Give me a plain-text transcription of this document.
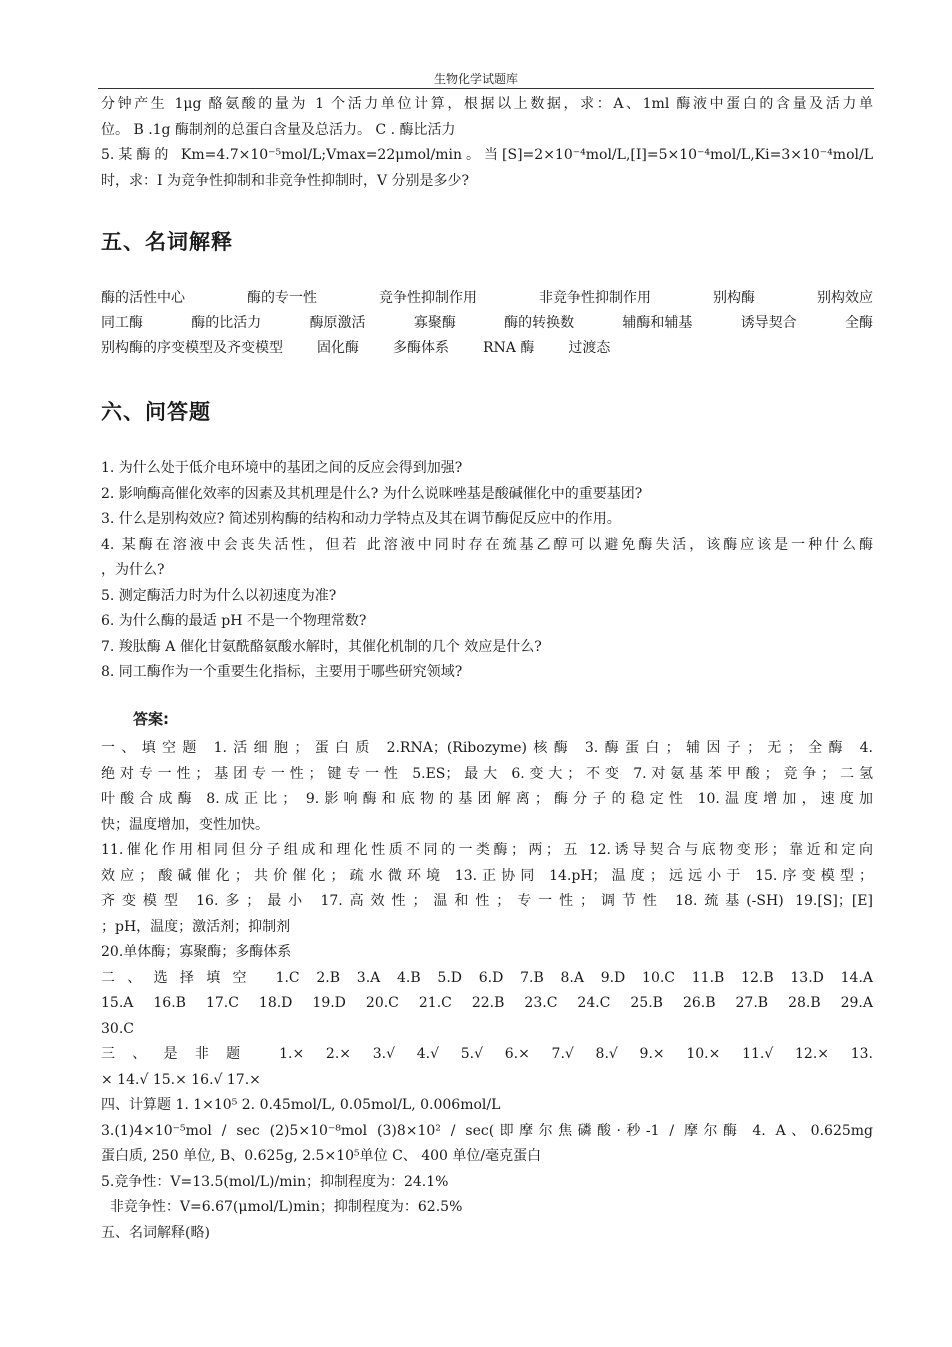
生物化学试题库

分钟产生 1μg 酪氨酸的量为 1 个活力单位计算，根据以上数据，求：A、1ml 酶液中蛋白的含量及活力单

位。 B .1g 酶制剂的总蛋白含量及总活力。 C . 酶比活力

5.某酶的 Km=4.7×10⁻⁵mol/L;Vmax=22μmol/min。当[S]=2×10⁻⁴mol/L,[I]=5×10⁻⁴mol/L,Ki=3×10⁻⁴mol/L

时，求：I 为竞争性抑制和非竞争性抑制时，V 分别是多少?

五、名词解释
酶的活性中心	酶的专一性	竞争性抑制作用	非竞争性抑制作用	别构酶	别构效应
同工酶	酶的比活力	酶原激活	寡聚酶	酶的转换数	辅酶和辅基	诱导契合	全酶
别构酶的序变模型及齐变模型 固化酶 多酶体系 RNA 酶 过渡态
六、问答题

1. 为什么处于低介电环境中的基团之间的反应会得到加强?

2. 影响酶高催化效率的因素及其机理是什么? 为什么说咪唑基是酸碱催化中的重要基团?

3. 什么是别构效应? 简述别构酶的结构和动力学特点及其在调节酶促反应中的作用。

4. 某酶在溶液中会丧失活性，但若 此溶液中同时存在巯基乙醇可以避免酶失活，该酶应该是一种什么酶

，为什么?

5. 测定酶活力时为什么以初速度为准?

6. 为什么酶的最适 pH 不是一个物理常数?

7. 羧肽酶 A 催化甘氨酰酪氨酸水解时，其催化机制的几个 效应是什么?

8. 同工酶作为一个重要生化指标，主要用于哪些研究领域?

答案:

一、填空题 1.活细胞；蛋白质 2.RNA；(Ribozyme)核酶 3.酶蛋白；辅因子；无；全酶 4.

绝对专一性；基团专一性；键专一性 5.ES；最大 6.变大；不变 7.对氨基苯甲酸；竞争；二氢

叶酸合成酶 8.成正比； 9.影响酶和底物的基团解离；酶分子的稳定性 10.温度增加，速度加

快；温度增加，变性加快。

11.催化作用相同但分子组成和理化性质不同的一类酶；两；五 12.诱导契合与底物变形；靠近和定向

效应；酸碱催化；共价催化；疏水微环境 13.正协同 14.pH；温度；远远小于 15.序变模型；

齐变模型 16.多；最小 17.高效性；温和性；专一性；调节性 18.巯基(-SH) 19.[S]；[E]

；pH，温度；激活剂；抑制剂

20.单体酶；寡聚酶；多酶体系

二、选择填空 1.C 2.B 3.A 4.B 5.D 6.D 7.B 8.A 9.D 10.C 11.B 12.B 13.D 14.A

15.A 16.B 17.C 18.D 19.D 20.C 21.C 22.B 23.C 24.C 25.B 26.B 27.B 28.B 29.A

30.C

三、是非题 1.× 2.× 3.√ 4.√ 5.√ 6.× 7.√ 8.√ 9.× 10.× 11.√ 12.× 13.

× 14.√ 15.× 16.√ 17.×

四、计算题 1. 1×10⁵ 2. 0.45mol/L, 0.05mol/L, 0.006mol/L

3.(1)4×10⁻⁵mol / sec (2)5×10⁻⁸mol (3)8×10² / sec(即摩尔焦磷酸·秒-1 / 摩尔酶 4. A、0.625mg

蛋白质, 250 单位, B、0.625g, 2.5×10⁵单位 C、 400 单位/毫克蛋白

5.竞争性：V=13.5(mol/L)/min；抑制程度为：24.1%

非竞争性：V=6.67(μmol/L)min；抑制程度为：62.5%

五、名词解释(略)
